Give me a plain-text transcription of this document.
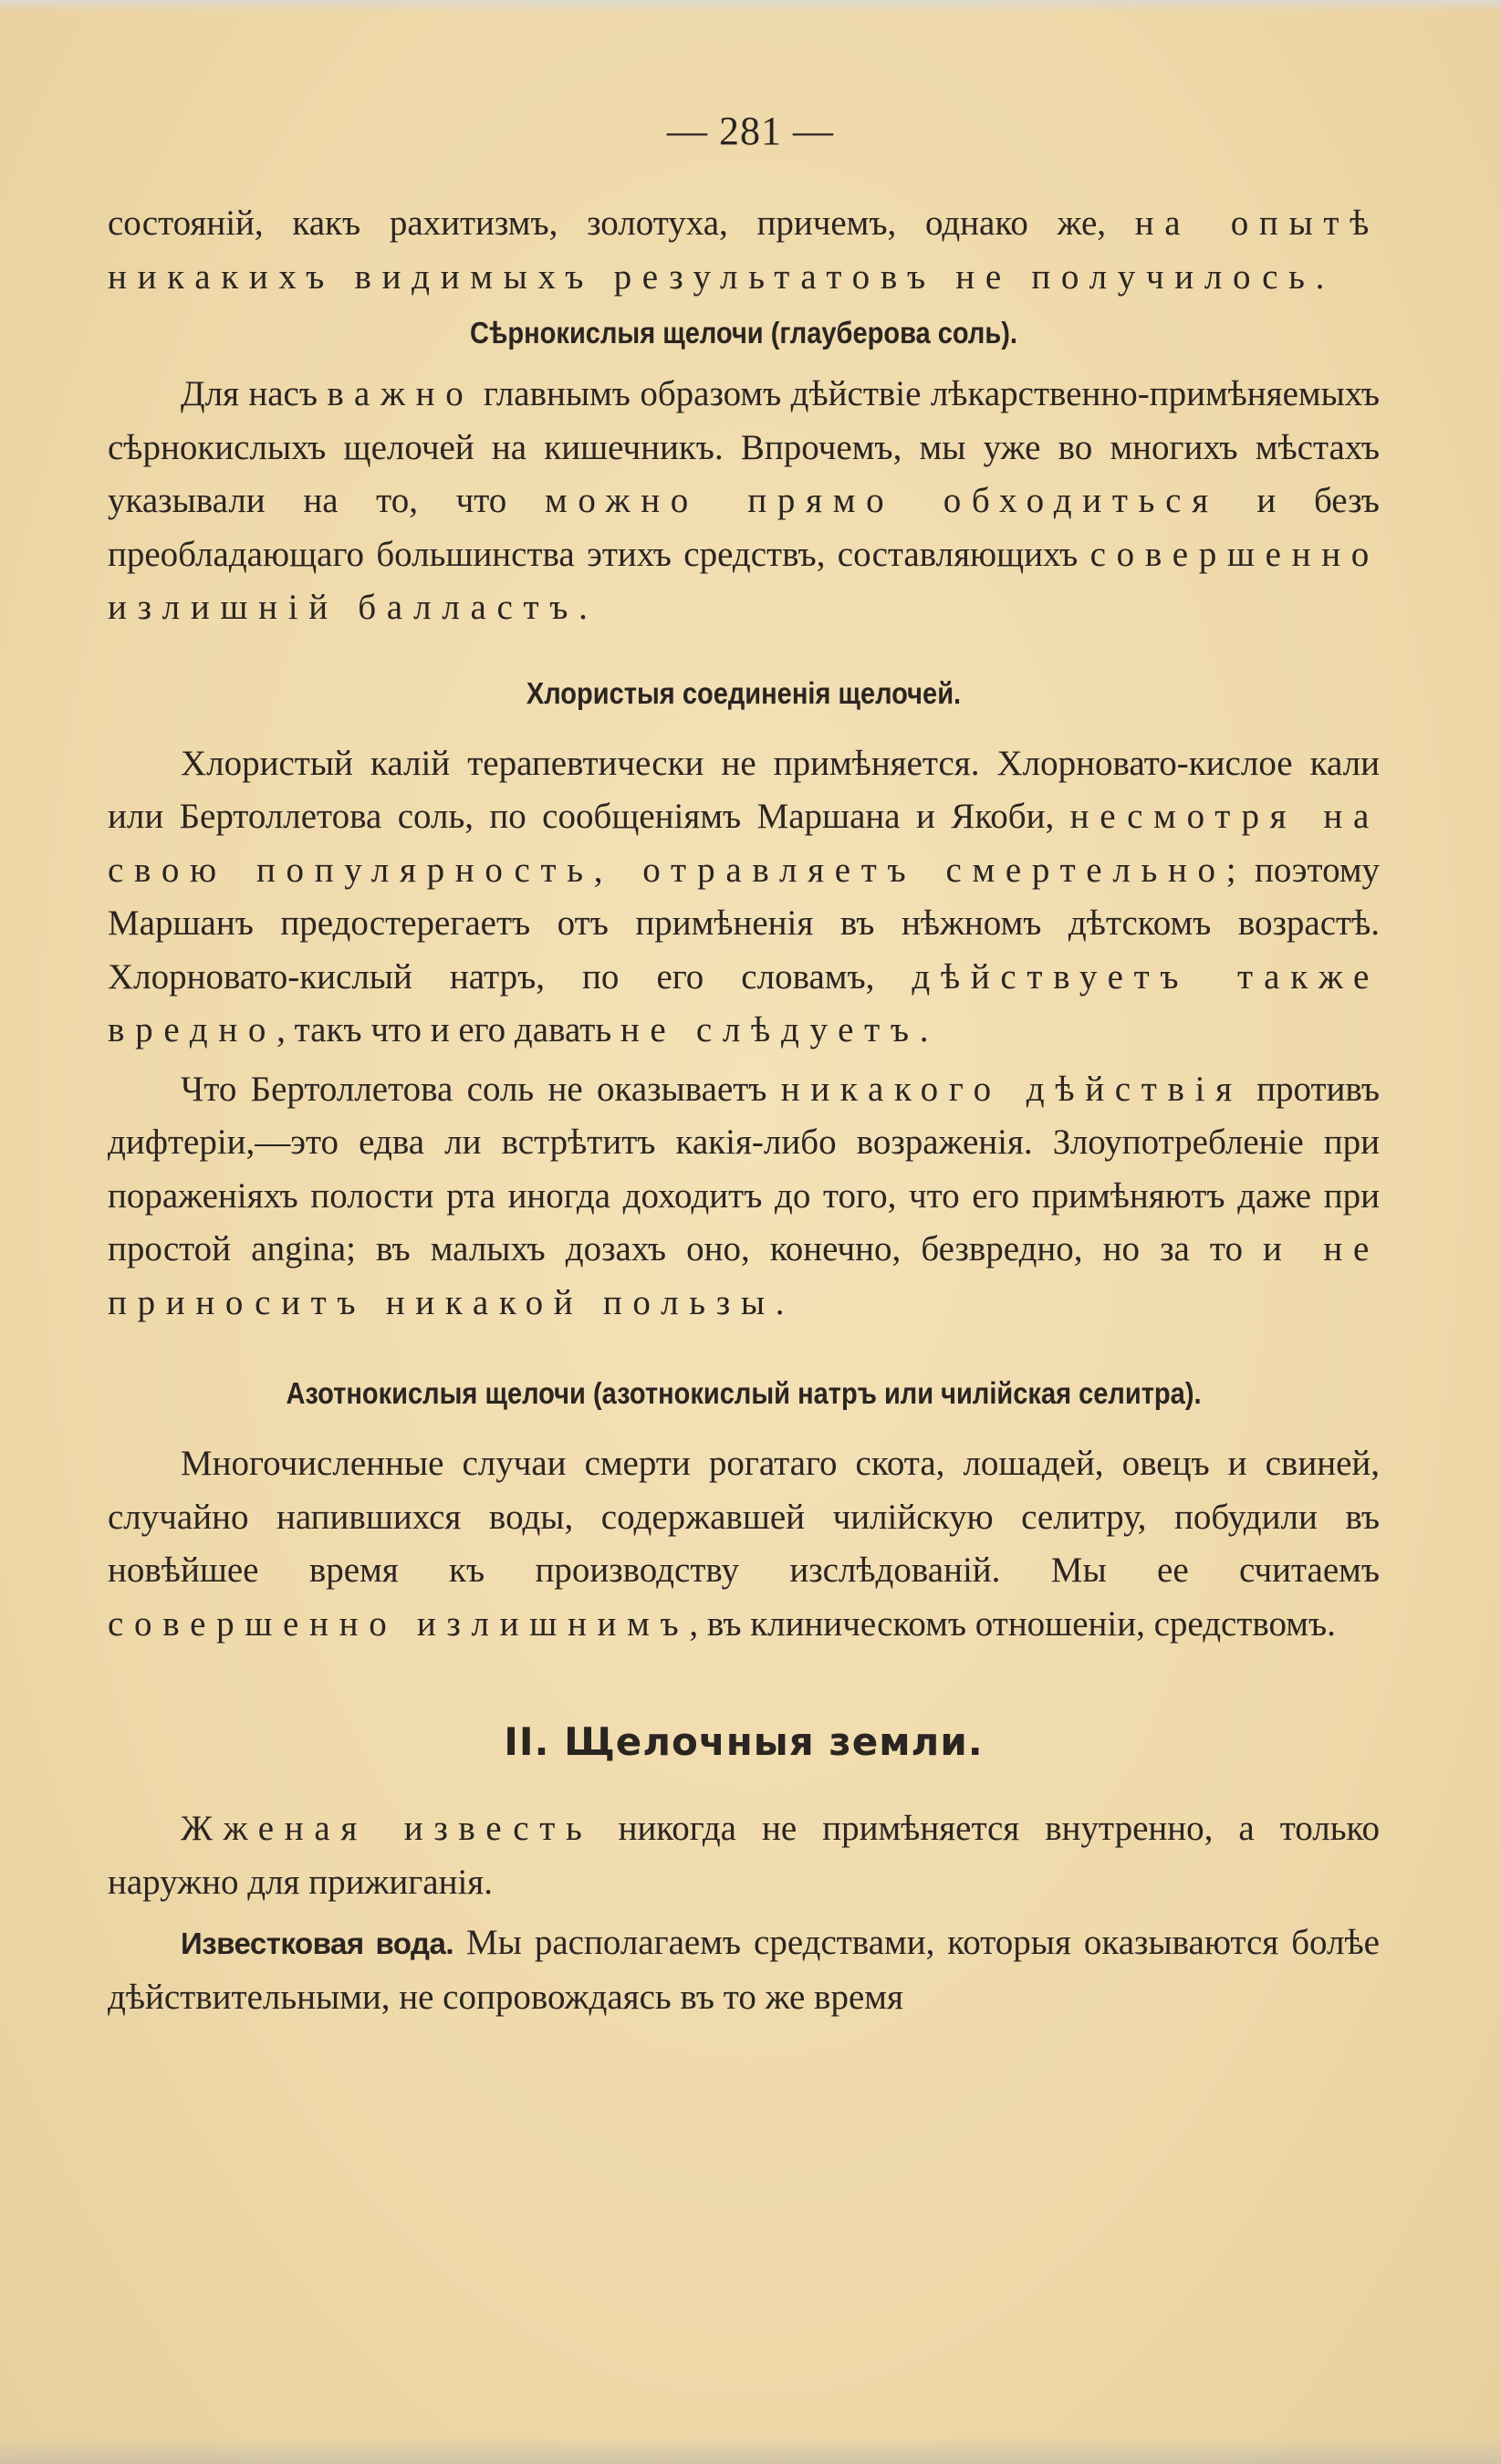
— 281 —

состояній, какъ рахитизмъ, золотуха, причемъ, однако же, на опытѣ никакихъ видимыхъ результатовъ не получилось.

Сѣрнокислыя щелочи (глауберова соль).

Для насъ важно главнымъ образомъ дѣйствіе лѣкарственно-примѣняемыхъ сѣрнокислыхъ щелочей на кишечникъ. Впрочемъ, мы уже во многихъ мѣстахъ указывали на то, что можно прямо обходиться и безъ преобладающаго большинства этихъ средствъ, составляющихъ совершенно излишній балластъ.

Хлористыя соединенія щелочей.

Хлористый калій терапевтически не примѣняется. Хлорновато-кислое кали или Бертоллетова соль, по сообщеніямъ Маршана и Якоби, несмотря на свою популярность, отравляетъ смертельно; поэтому Маршанъ предостерегаетъ отъ примѣненія въ нѣжномъ дѣтскомъ возрастѣ. Хлорновато-кислый натръ, по его словамъ, дѣйствуетъ также вредно, такъ что и его давать не слѣдуетъ.

Что Бертоллетова соль не оказываетъ никакого дѣйствія противъ дифтеріи,—это едва ли встрѣтитъ какія-либо возраженія. Злоупотребленіе при пораженіяхъ полости рта иногда доходитъ до того, что его примѣняютъ даже при простой angina; въ малыхъ дозахъ оно, конечно, безвредно, но за то и не приноситъ никакой пользы.

Азотнокислыя щелочи (азотнокислый натръ или чилійская селитра).

Многочисленные случаи смерти рогатаго скота, лошадей, овецъ и свиней, случайно напившихся воды, содержавшей чилійскую селитру, побудили въ новѣйшее время къ производству изслѣдованій. Мы ее считаемъ совершенно излишнимъ, въ клиническомъ отношеніи, средствомъ.

II. Щелочныя земли.

Жженая известь никогда не примѣняется внутренно, а только наружно для прижиганія.

Известковая вода. Мы располагаемъ средствами, которыя оказываются болѣе дѣйствительными, не сопровождаясь въ то же время
